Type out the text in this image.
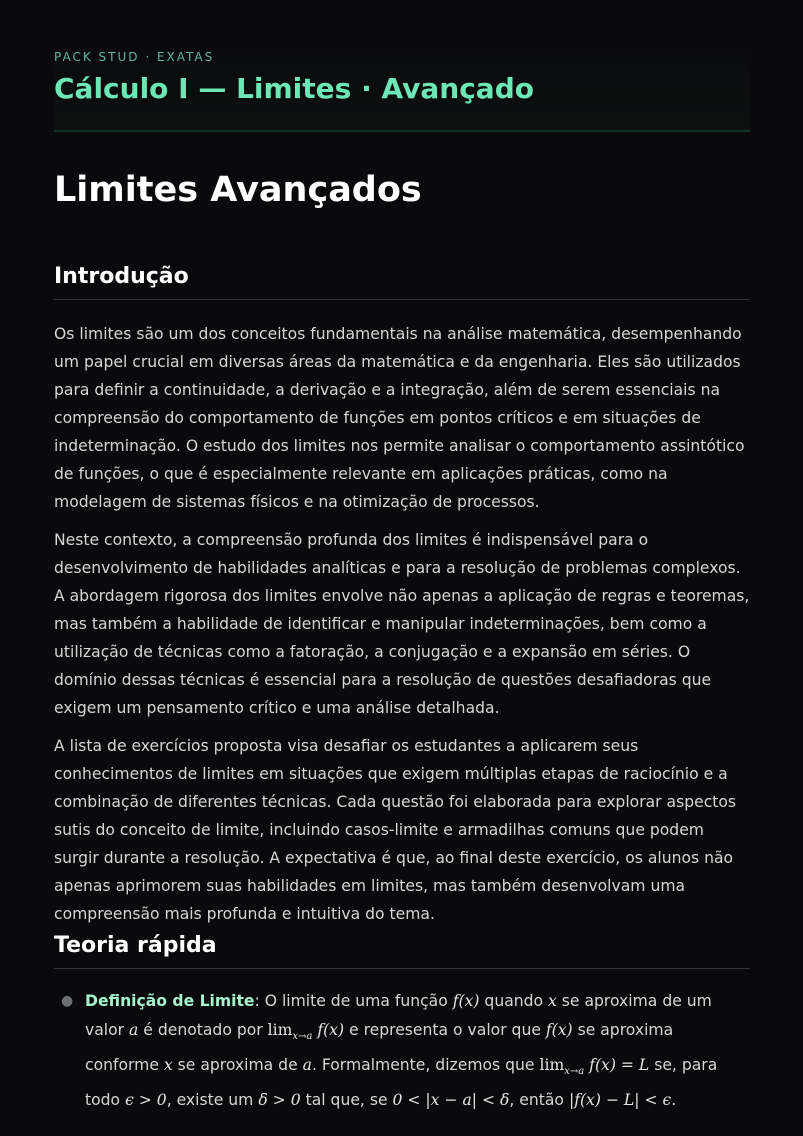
PACK STUD · EXATAS
Cálculo I — Limites · Avançado
Limites Avançados
Introdução

Os limites são um dos conceitos fundamentais na análise matemática, desempenhando um papel crucial em diversas áreas da matemática e da engenharia. Eles são utilizados para definir a continuidade, a derivação e a integração, além de serem essenciais na compreensão do comportamento de funções em pontos críticos e em situações de indeterminação. O estudo dos limites nos permite analisar o comportamento assintótico de funções, o que é especialmente relevante em aplicações práticas, como na modelagem de sistemas físicos e na otimização de processos.

Neste contexto, a compreensão profunda dos limites é indispensável para o desenvolvimento de habilidades analíticas e para a resolução de problemas complexos. A abordagem rigorosa dos limites envolve não apenas a aplicação de regras e teoremas, mas também a habilidade de identificar e manipular indeterminações, bem como a utilização de técnicas como a fatoração, a conjugação e a expansão em séries. O domínio dessas técnicas é essencial para a resolução de questões desafiadoras que exigem um pensamento crítico e uma análise detalhada.

A lista de exercícios proposta visa desafiar os estudantes a aplicarem seus conhecimentos de limites em situações que exigem múltiplas etapas de raciocínio e a combinação de diferentes técnicas. Cada questão foi elaborada para explorar aspectos sutis do conceito de limite, incluindo casos-limite e armadilhas comuns que podem surgir durante a resolução. A expectativa é que, ao final deste exercício, os alunos não apenas aprimorem suas habilidades em limites, mas também desenvolvam uma compreensão mais profunda e intuitiva do tema.

Teoria rápida
● Definição de Limite: O limite de uma função f(x) quando x se aproxima de um valor a é denotado por $\lim_{x\to a} f(x)$ e representa o valor que f(x) se aproxima conforme x se aproxima de a. Formalmente, dizemos que $\lim_{x\to a} f(x) = L$ se, para todo ϵ > 0, existe um δ > 0 tal que, se 0 < |x − a| < δ, então |f(x) − L| < ϵ.
